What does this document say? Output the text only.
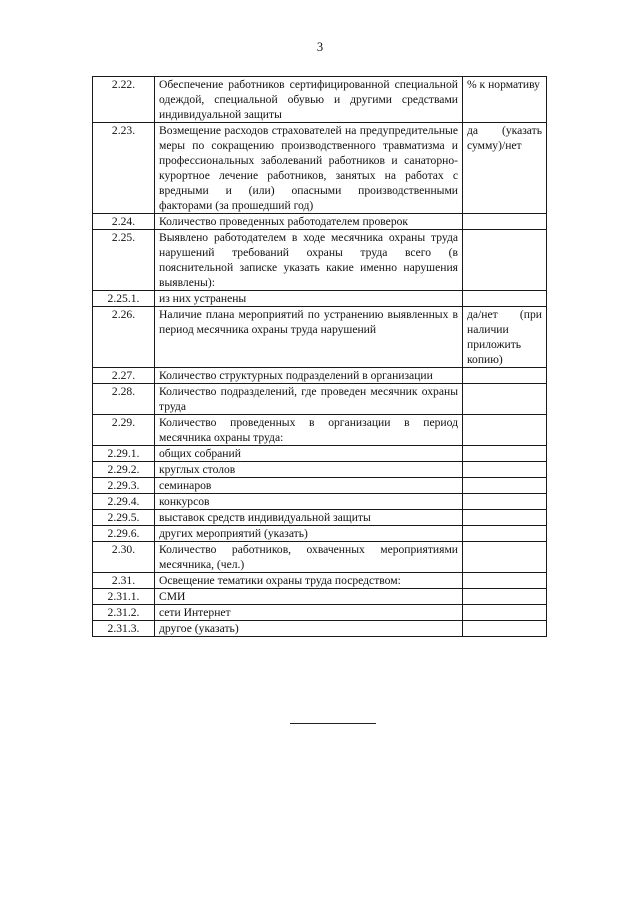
3
2.22.	Обеспечение работников сертифицированной специальной одеждой, специальной обувью и другими средствами индивидуальной защиты	% к нормативу
2.23.	Возмещение расходов страхователей на предупредительные меры по сокращению производственного травматизма и профессиональных заболеваний работников и санаторно-курортное лечение работников, занятых на работах с вредными и (или) опасными производственными факторами (за прошедший год)	да (указать сумму)/нет
2.24.	Количество проведенных работодателем проверок	
2.25.	Выявлено работодателем в ходе месячника охраны труда нарушений требований охраны труда всего (в пояснительной записке указать какие именно нарушения выявлены):	
2.25.1.	из них устранены	
2.26.	Наличие плана мероприятий по устранению выявленных в период месячника охраны труда нарушений	да/нет (при наличии приложить копию)
2.27.	Количество структурных подразделений в организации	
2.28.	Количество подразделений, где проведен месячник охраны труда	
2.29.	Количество проведенных в организации в период месячника охраны труда:	
2.29.1.	общих собраний	
2.29.2.	круглых столов	
2.29.3.	семинаров	
2.29.4.	конкурсов	
2.29.5.	выставок средств индивидуальной защиты	
2.29.6.	других мероприятий (указать)	
2.30.	Количество работников, охваченных мероприятиями месячника, (чел.)	
2.31.	Освещение тематики охраны труда посредством:	
2.31.1.	СМИ	
2.31.2.	сети Интернет	
2.31.3.	другое (указать)	
